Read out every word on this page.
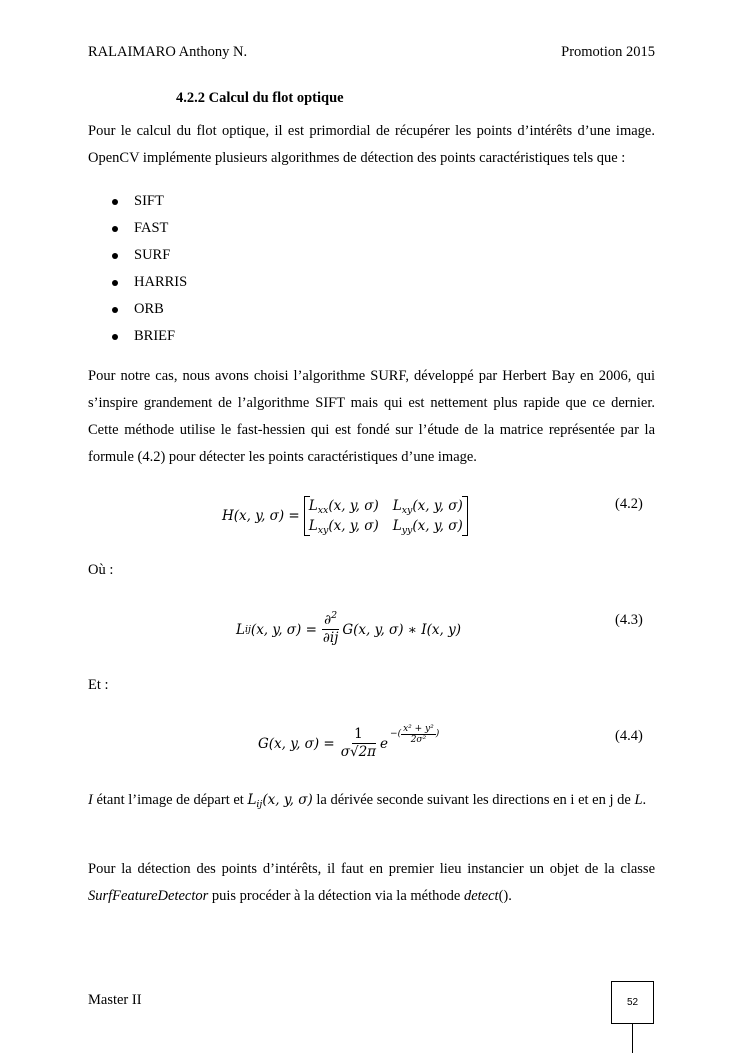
RALAIMARO Anthony N.	Promotion 2015
4.2.2 Calcul du flot optique

Pour le calcul du flot optique, il est primordial de récupérer les points d’intérêts d’une image. OpenCV implémente plusieurs algorithmes de détection des points caractéristiques tels que :

SIFT
FAST
SURF
HARRIS
ORB
BRIEF

Pour notre cas, nous avons choisi l’algorithme SURF, développé par Herbert Bay en 2006, qui s’inspire grandement de l’algorithme SIFT mais qui est nettement plus rapide que ce dernier. Cette méthode utilise le fast-hessien qui est fondé sur l’étude de la matrice représentée par la formule (4.2) pour détecter les points caractéristiques d’une image.

H(x, y, σ) =
$L_{xx}(x$, y, σ) $L_{xy}(x$, y, σ)
$L_{xy}(x$, y, σ) $L_{yy}(x$, y, σ)
(4.2)
Où :
L ij (x, y, $\sigma) = \frac{\partial^2}{\partial ij} G(x$, y, σ) ∗ I(x, y)
(4.3)
Et :
G(x, y, $\sigma) = \frac{1}{\sigma√2\pi}$ e
−( $\frac{\text{x² + y²}}{\text{2σ²}}$ )	(4.4)

I étant l’image de départ et $L_{ij}(x$, y, σ) la dérivée seconde suivant les directions en i et en j de L.

Pour la détection des points d’intérêts, il faut en premier lieu instancier un objet de la classe SurfFeatureDetector puis procéder à la détection via la méthode detect().

Master II	52
